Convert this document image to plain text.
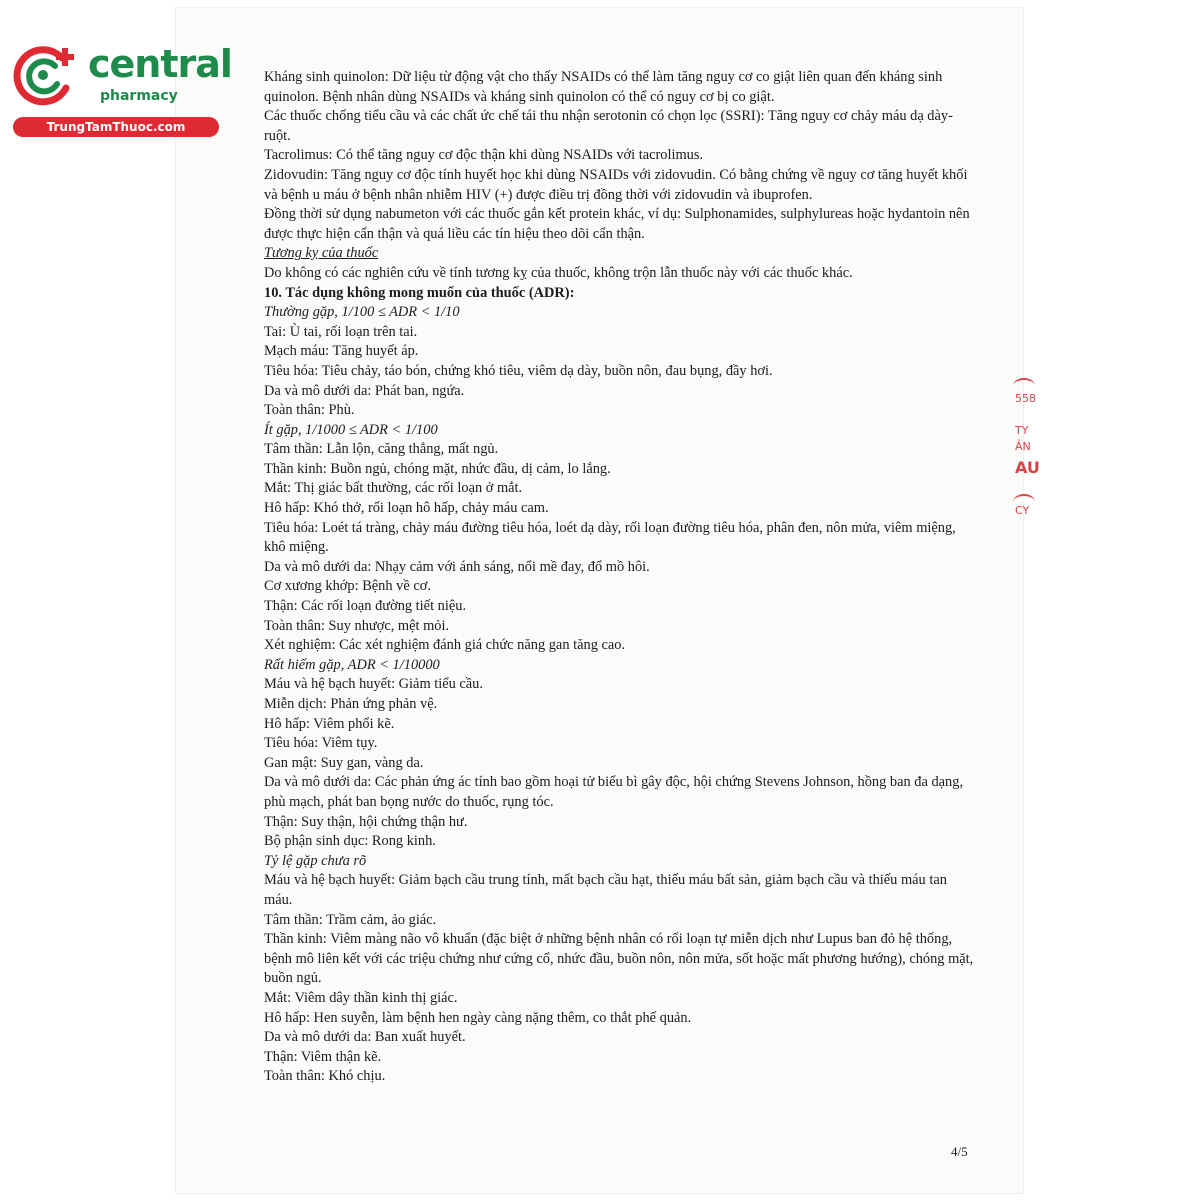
central
pharmacy
TrungTamThuoc.com

Kháng sinh quinolon: Dữ liệu từ động vật cho thấy NSAIDs có thể làm tăng nguy cơ co giật liên quan đến kháng sinh quinolon. Bệnh nhân dùng NSAIDs và kháng sinh quinolon có thể có nguy cơ bị co giật.

Các thuốc chống tiểu cầu và các chất ức chế tái thu nhận serotonin có chọn lọc (SSRI): Tăng nguy cơ chảy máu dạ dày- ruột.

Tacrolimus: Có thể tăng nguy cơ độc thận khi dùng NSAIDs với tacrolimus.

Zidovudin: Tăng nguy cơ độc tính huyết học khi dùng NSAIDs với zidovudin. Có bằng chứng về nguy cơ tăng huyết khối và bệnh u máu ở bệnh nhân nhiễm HIV (+) được điều trị đồng thời với zidovudin và ibuprofen.

Đồng thời sử dụng nabumeton với các thuốc gắn kết protein khác, ví dụ: Sulphonamides, sulphylureas hoặc hydantoin nên được thực hiện cẩn thận và quá liều các tín hiệu theo dõi cẩn thận.

Tương kỵ của thuốc

Do không có các nghiên cứu về tính tương kỵ của thuốc, không trộn lẫn thuốc này với các thuốc khác.

10. Tác dụng không mong muốn của thuốc (ADR):

Thường gặp, 1/100 ≤ ADR < 1/10

Tai: Ù tai, rối loạn trên tai.

Mạch máu: Tăng huyết áp.

Tiêu hóa: Tiêu chảy, táo bón, chứng khó tiêu, viêm dạ dày, buồn nôn, đau bụng, đầy hơi.

Da và mô dưới da: Phát ban, ngứa.

Toàn thân: Phù.

Ít gặp, 1/1000 ≤ ADR < 1/100

Tâm thần: Lẫn lộn, căng thẳng, mất ngủ.

Thần kinh: Buồn ngủ, chóng mặt, nhức đầu, dị cảm, lo lắng.

Mắt: Thị giác bất thường, các rối loạn ở mắt.

Hô hấp: Khó thở, rối loạn hô hấp, chảy máu cam.

Tiêu hóa: Loét tá tràng, chảy máu đường tiêu hóa, loét dạ dày, rối loạn đường tiêu hóa, phân đen, nôn mửa, viêm miệng, khô miệng.

Da và mô dưới da: Nhạy cảm với ánh sáng, nổi mề đay, đổ mồ hôi.

Cơ xương khớp: Bệnh về cơ.

Thận: Các rối loạn đường tiết niệu.

Toàn thân: Suy nhược, mệt mỏi.

Xét nghiệm: Các xét nghiệm đánh giá chức năng gan tăng cao.

Rất hiếm gặp, ADR < 1/10000

Máu và hệ bạch huyết: Giảm tiểu cầu.

Miễn dịch: Phản ứng phản vệ.

Hô hấp: Viêm phổi kẽ.

Tiêu hóa: Viêm tụy.

Gan mật: Suy gan, vàng da.

Da và mô dưới da: Các phản ứng ác tính bao gồm hoại tử biểu bì gây độc, hội chứng Stevens Johnson, hồng ban đa dạng, phù mạch, phát ban bọng nước do thuốc, rụng tóc.

Thận: Suy thận, hội chứng thận hư.

Bộ phận sinh dục: Rong kinh.

Tỷ lệ gặp chưa rõ

Máu và hệ bạch huyết: Giảm bạch cầu trung tính, mất bạch cầu hạt, thiếu máu bất sản, giảm bạch cầu và thiếu máu tan máu.

Tâm thần: Trầm cảm, ảo giác.

Thần kinh: Viêm màng não vô khuẩn (đặc biệt ở những bệnh nhân có rối loạn tự miễn dịch như Lupus ban đỏ hệ thống, bệnh mô liên kết với các triệu chứng như cứng cổ, nhức đầu, buồn nôn, nôn mửa, sốt hoặc mất phương hướng), chóng mặt, buồn ngủ.

Mắt: Viêm dây thần kinh thị giác.

Hô hấp: Hen suyễn, làm bệnh hen ngày càng nặng thêm, co thắt phế quản.

Da và mô dưới da: Ban xuất huyết.

Thận: Viêm thận kẽ.

Toàn thân: Khó chịu.

4/5
558
TY
ẢN
AU
CY
